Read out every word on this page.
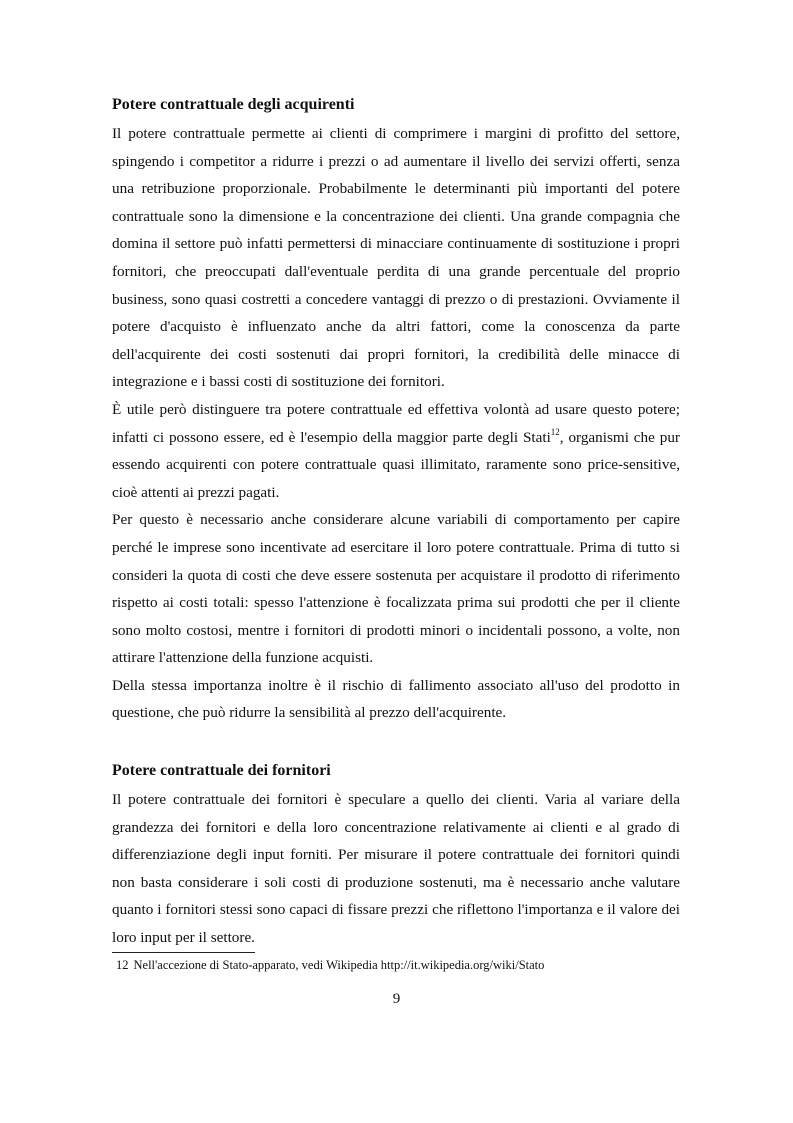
Potere contrattuale degli acquirenti

Il potere contrattuale permette ai clienti di comprimere i margini di profitto del settore, spingendo i competitor a ridurre i prezzi o ad aumentare il livello dei servizi offerti, senza una retribuzione proporzionale. Probabilmente le determinanti più importanti del potere contrattuale sono la dimensione e la concentrazione dei clienti. Una grande compagnia che domina il settore può infatti permettersi di minacciare continuamente di sostituzione i propri fornitori, che preoccupati dall'eventuale perdita di una grande percentuale del proprio business, sono quasi costretti a concedere vantaggi di prezzo o di prestazioni. Ovviamente il potere d'acquisto è influenzato anche da altri fattori, come la conoscenza da parte dell'acquirente dei costi sostenuti dai propri fornitori, la credibilità delle minacce di integrazione e i bassi costi di sostituzione dei fornitori.

È utile però distinguere tra potere contrattuale ed effettiva volontà ad usare questo potere; infatti ci possono essere, ed è l'esempio della maggior parte degli Stati$^{12}$, organismi che pur essendo acquirenti con potere contrattuale quasi illimitato, raramente sono price-sensitive, cioè attenti ai prezzi pagati.

Per questo è necessario anche considerare alcune variabili di comportamento per capire perché le imprese sono incentivate ad esercitare il loro potere contrattuale. Prima di tutto si consideri la quota di costi che deve essere sostenuta per acquistare il prodotto di riferimento rispetto ai costi totali: spesso l'attenzione è focalizzata prima sui prodotti che per il cliente sono molto costosi, mentre i fornitori di prodotti minori o incidentali possono, a volte, non attirare l'attenzione della funzione acquisti.

Della stessa importanza inoltre è il rischio di fallimento associato all'uso del prodotto in questione, che può ridurre la sensibilità al prezzo dell'acquirente.

Potere contrattuale dei fornitori

Il potere contrattuale dei fornitori è speculare a quello dei clienti. Varia al variare della grandezza dei fornitori e della loro concentrazione relativamente ai clienti e al grado di differenziazione degli input forniti. Per misurare il potere contrattuale dei fornitori quindi non basta considerare i soli costi di produzione sostenuti, ma è necessario anche valutare quanto i fornitori stessi sono capaci di fissare prezzi che riflettono l'importanza e il valore dei loro input per il settore.

12 Nell'accezione di Stato-apparato, vedi Wikipedia http://it.wikipedia.org/wiki/Stato
9
